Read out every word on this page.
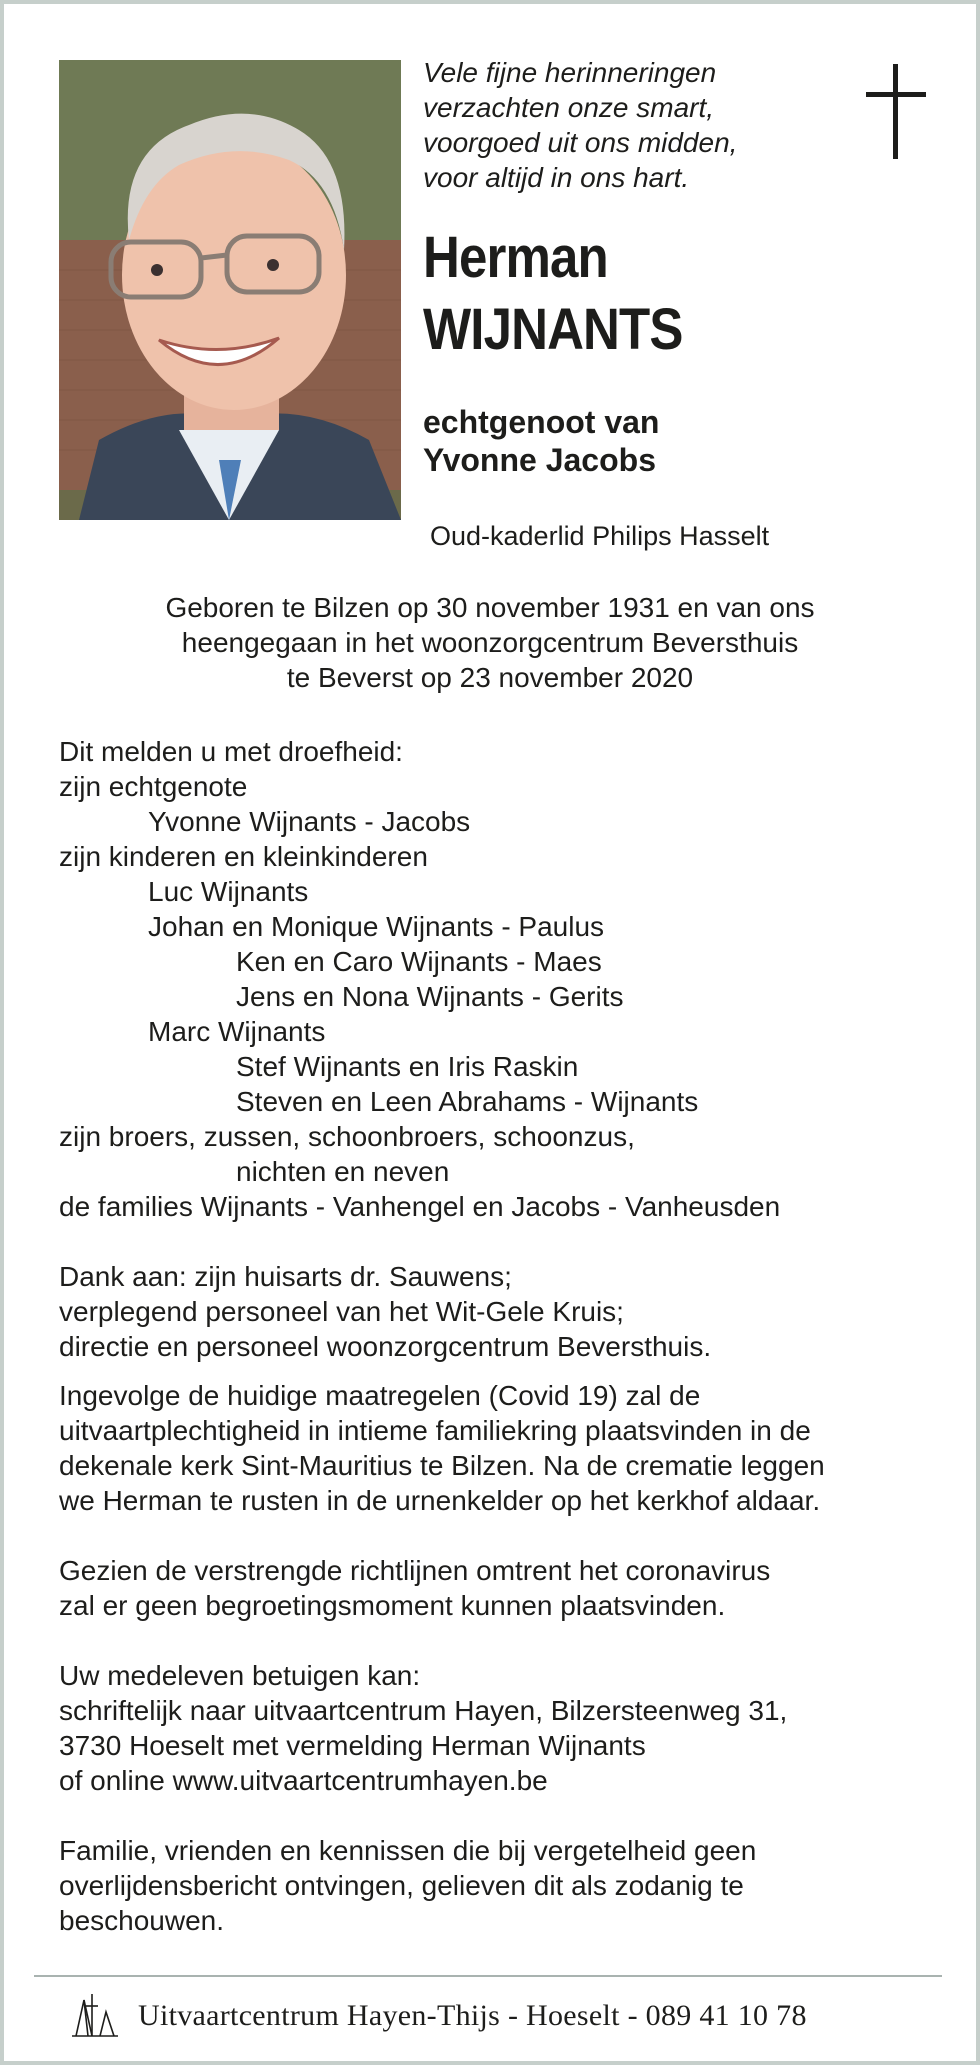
Vele fijne herinneringen
verzachten onze smart,
voorgoed uit ons midden,
voor altijd in ons hart.
Herman
WIJNANTS
echtgenoot van
Yvonne Jacobs
Oud-kaderlid Philips Hasselt
Geboren te Bilzen op 30 november 1931 en van ons
heengegaan in het woonzorgcentrum Beversthuis
te Beverst op 23 november 2020
Dit melden u met droefheid:
zijn echtgenote
Yvonne Wijnants - Jacobs
zijn kinderen en kleinkinderen
Luc Wijnants
Johan en Monique Wijnants - Paulus
Ken en Caro Wijnants - Maes
Jens en Nona Wijnants - Gerits
Marc Wijnants
Stef Wijnants en Iris Raskin
Steven en Leen Abrahams - Wijnants
zijn broers, zussen, schoonbroers, schoonzus,
nichten en neven
de families Wijnants - Vanhengel en Jacobs - Vanheusden
Dank aan: zijn huisarts dr. Sauwens;
verplegend personeel van het Wit-Gele Kruis;
directie en personeel woonzorgcentrum Beversthuis.
Ingevolge de huidige maatregelen (Covid 19) zal de
uitvaartplechtigheid in intieme familiekring plaatsvinden in de
dekenale kerk Sint-Mauritius te Bilzen. Na de crematie leggen
we Herman te rusten in de urnenkelder op het kerkhof aldaar.
Gezien de verstrengde richtlijnen omtrent het coronavirus
zal er geen begroetingsmoment kunnen plaatsvinden.
Uw medeleven betuigen kan:
schriftelijk naar uitvaartcentrum Hayen, Bilzersteenweg 31,
3730 Hoeselt met vermelding Herman Wijnants
of online www.uitvaartcentrumhayen.be
Familie, vrienden en kennissen die bij vergetelheid geen
overlijdensbericht ontvingen, gelieven dit als zodanig te
beschouwen.
Uitvaartcentrum Hayen-Thijs - Hoeselt - 089 41 10 78
